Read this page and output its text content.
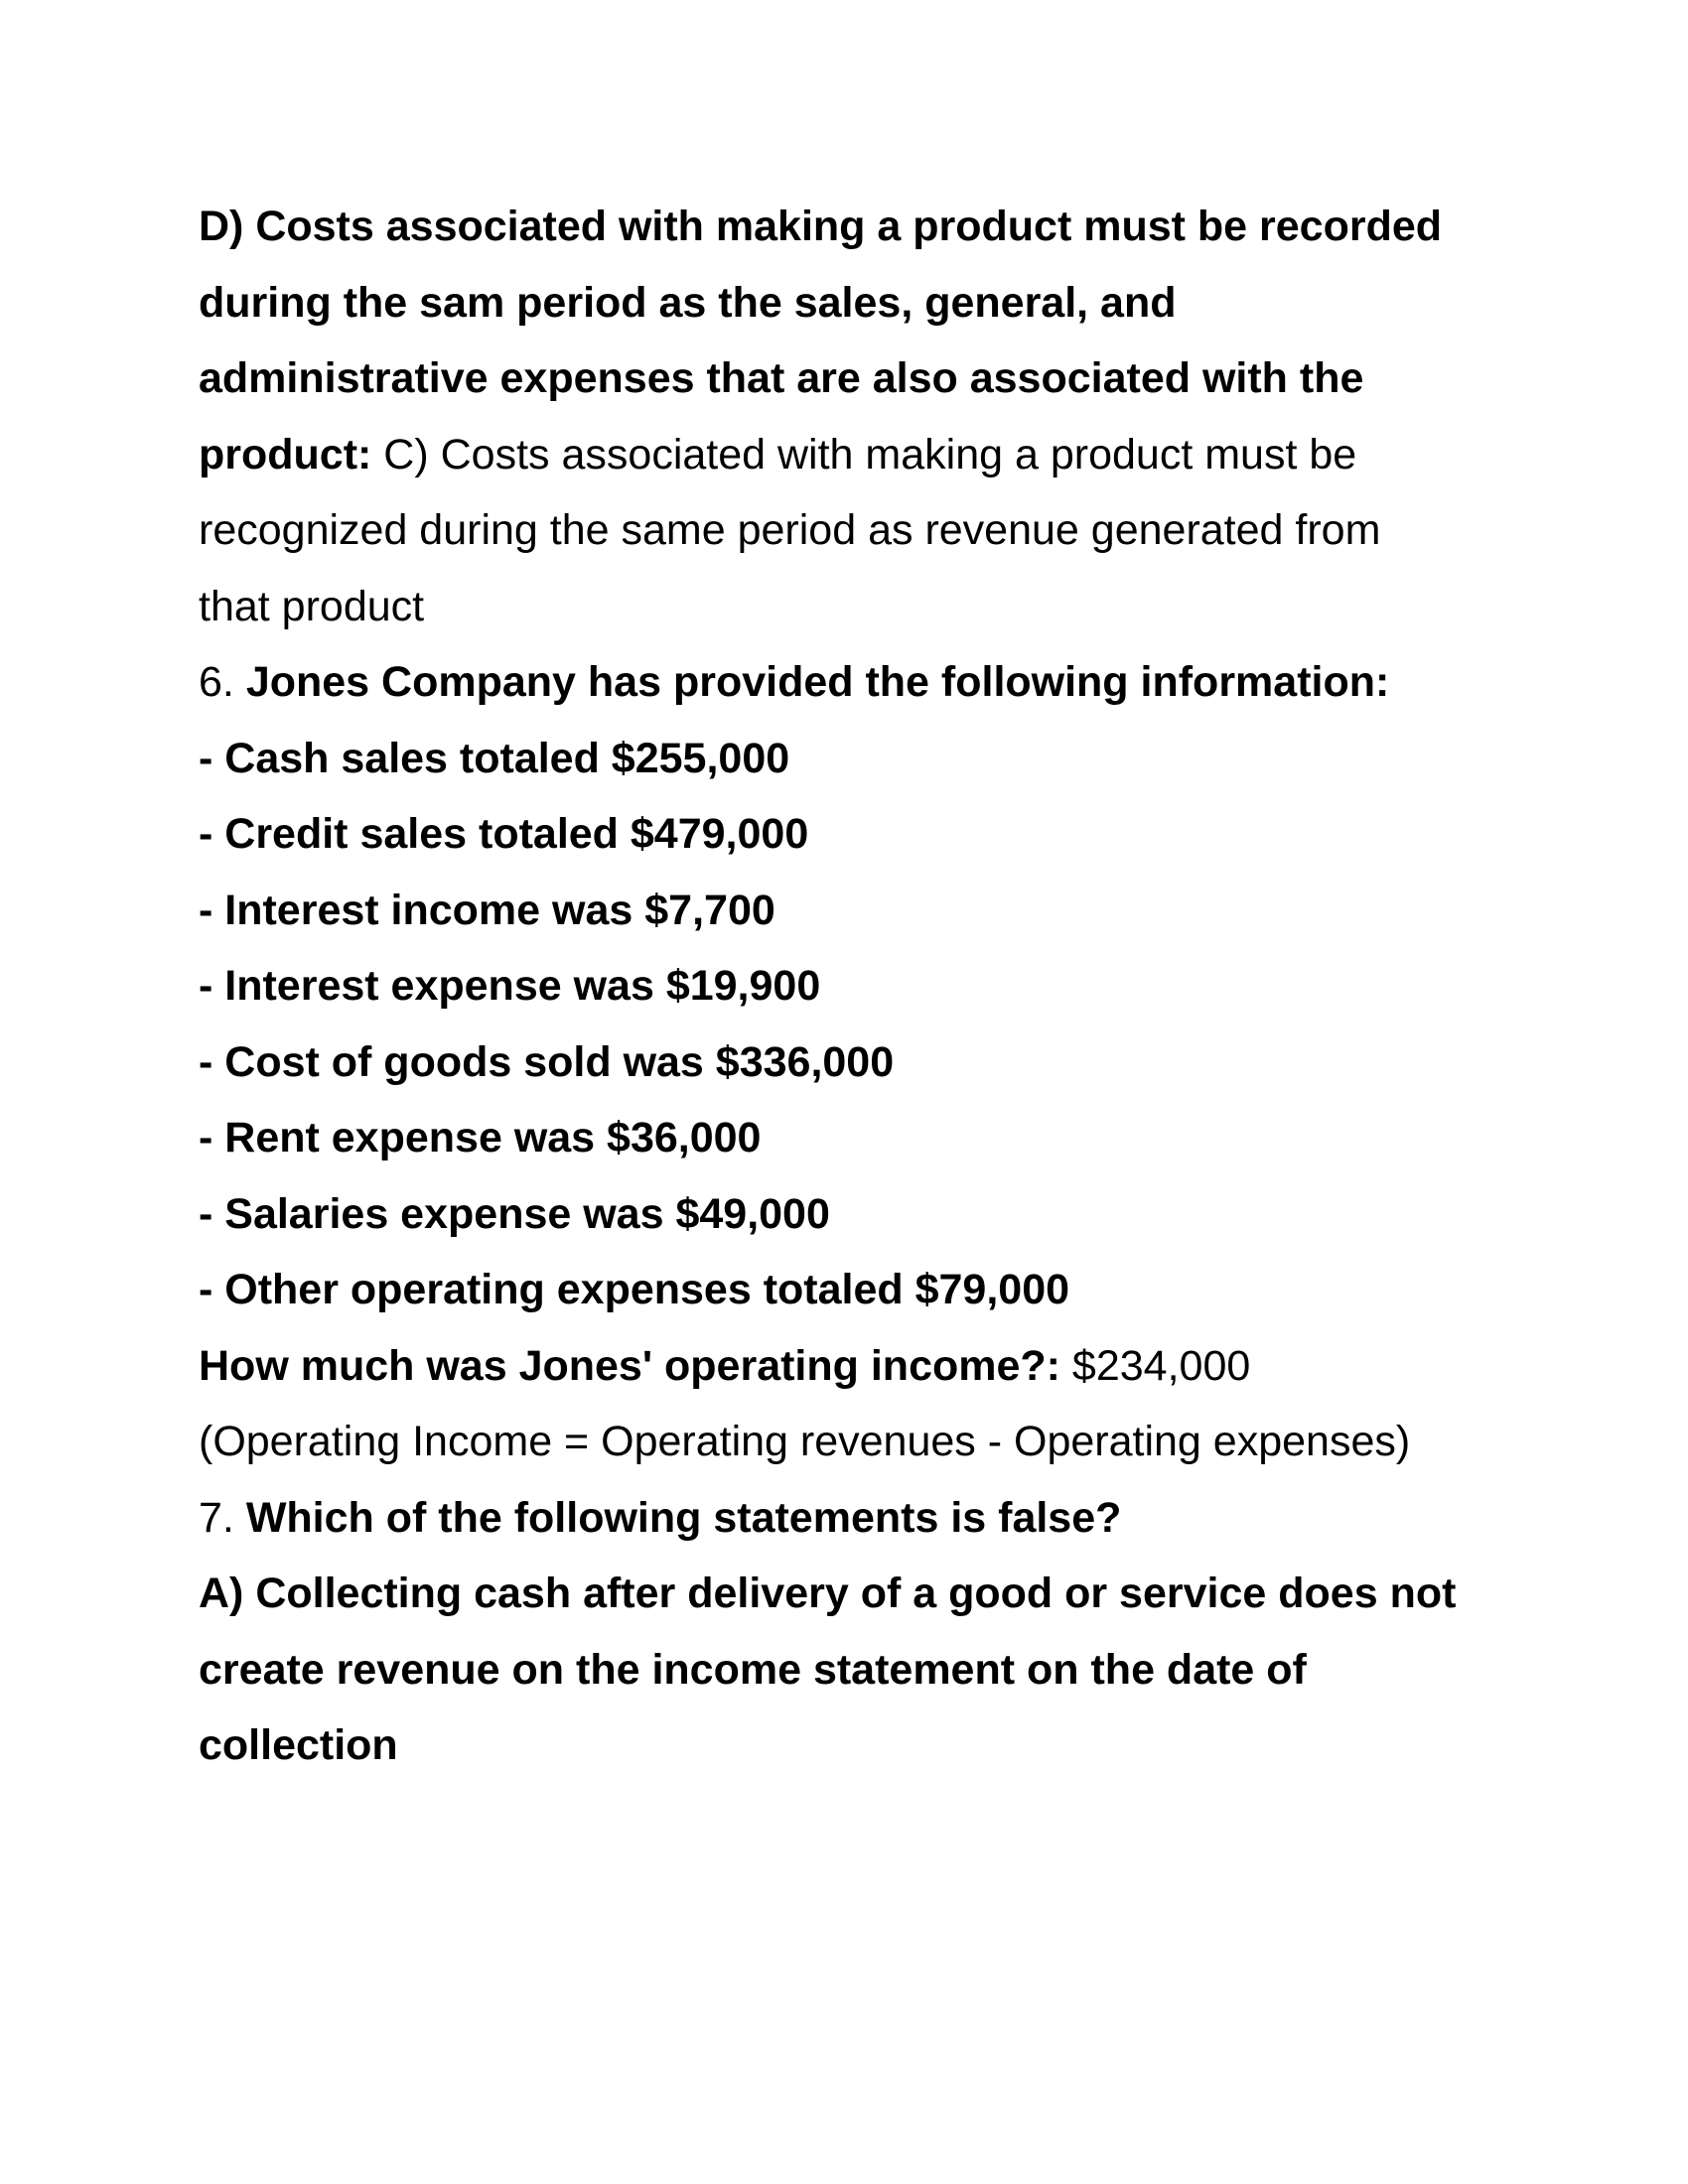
D) Costs associated with making a product must be recorded
during the sam period as the sales, general, and
administrative expenses that are also associated with the
product: C) Costs associated with making a product must be
recognized during the same period as revenue generated from
that product
6. Jones Company has provided the following information:
- Cash sales totaled $255,000
- Credit sales totaled $479,000
- Interest income was $7,700
- Interest expense was $19,900
- Cost of goods sold was $336,000
- Rent expense was $36,000
- Salaries expense was $49,000
- Other operating expenses totaled $79,000
How much was Jones' operating income?: $234,000
(Operating Income = Operating revenues - Operating expenses)
7. Which of the following statements is false?
A) Collecting cash after delivery of a good or service does not
create revenue on the income statement on the date of
collection
